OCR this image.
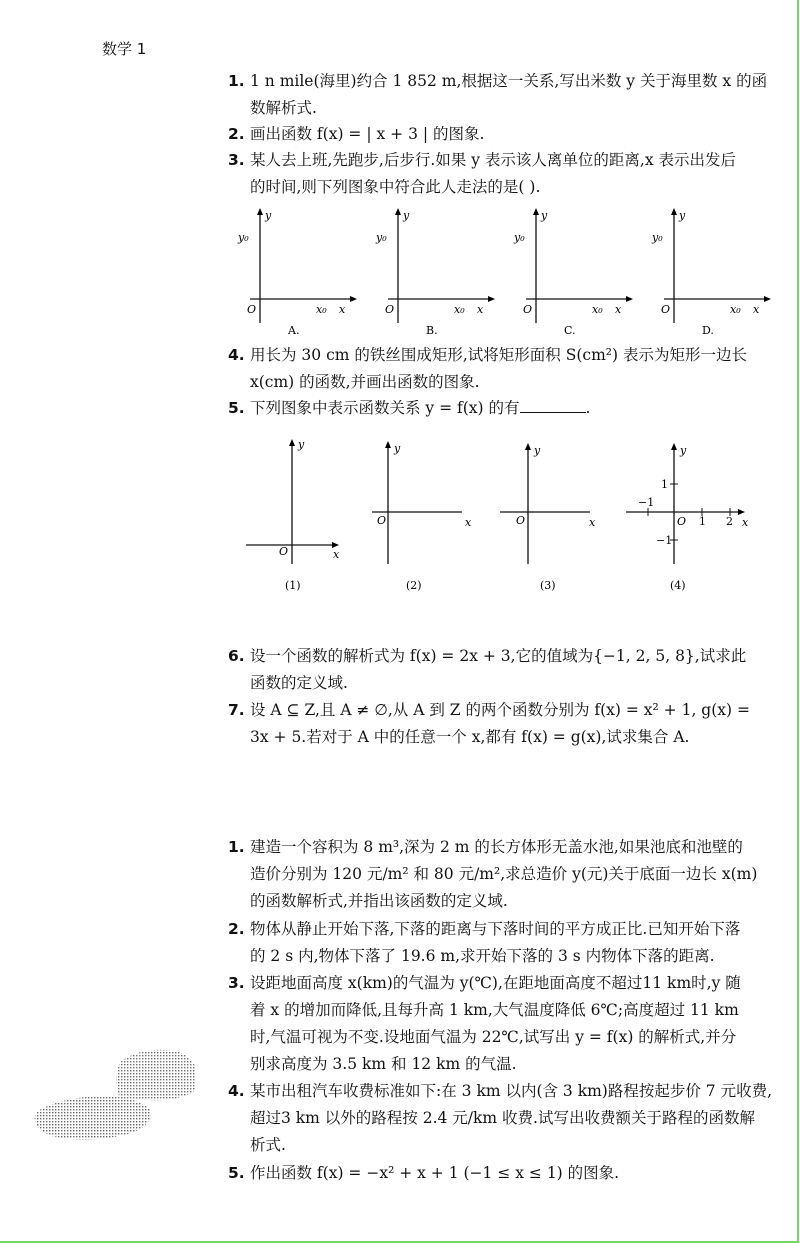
数学 1
1. 1 n mile(海里)约合 1 852 m,根据这一关系,写出米数 y 关于海里数 x 的函
数解析式.
2. 画出函数 f(x) = | x + 3 | 的图象.
3. 某人去上班,先跑步,后步行.如果 y 表示该人离单位的距离,x 表示出发后
的时间,则下列图象中符合此人走法的是( ).
y
y₀
O	x₀ x
A.
y
y₀
O	x₀ x
B.
y
y₀
O	x₀ x
C.
y
y₀
O	x₀ x
D.
4. 用长为 30 cm 的铁丝围成矩形,试将矩形面积 S(cm²) 表示为矩形一边长
x(cm) 的函数,并画出函数的图象.
5. 下列图象中表示函数关系 y = f(x) 的有	.
y
O	x
(1)
y
O	x
(2)
y
O	x
(3)
y
1
−1
−1
O 1 2 x
(4)
6. 设一个函数的解析式为 f(x) = 2x + 3,它的值域为{−1, 2, 5, 8},试求此
函数的定义域.
7. 设 A ⊆ Z,且 A ≠ ∅,从 A 到 Z 的两个函数分别为 f(x) = x² + 1, g(x) =
3x + 5.若对于 A 中的任意一个 x,都有 f(x) = g(x),试求集合 A.
1. 建造一个容积为 8 m³,深为 2 m 的长方体形无盖水池,如果池底和池壁的
造价分别为 120 元/m² 和 80 元/m²,求总造价 y(元)关于底面一边长 x(m)
的函数解析式,并指出该函数的定义域.
2. 物体从静止开始下落,下落的距离与下落时间的平方成正比.已知开始下落
的 2 s 内,物体下落了 19.6 m,求开始下落的 3 s 内物体下落的距离.
3. 设距地面高度 x(km)的气温为 y(℃),在距地面高度不超过11 km时,y 随
着 x 的增加而降低,且每升高 1 km,大气温度降低 6℃;高度超过 11 km
时,气温可视为不变.设地面气温为 22℃,试写出 y = f(x) 的解析式,并分
别求高度为 3.5 km 和 12 km 的气温.
4. 某市出租汽车收费标准如下:在 3 km 以内(含 3 km)路程按起步价 7 元收费,
超过3 km 以外的路程按 2.4 元/km 收费.试写出收费额关于路程的函数解
析式.
5. 作出函数 f(x) = −x² + x + 1 (−1 ≤ x ≤ 1) 的图象.
